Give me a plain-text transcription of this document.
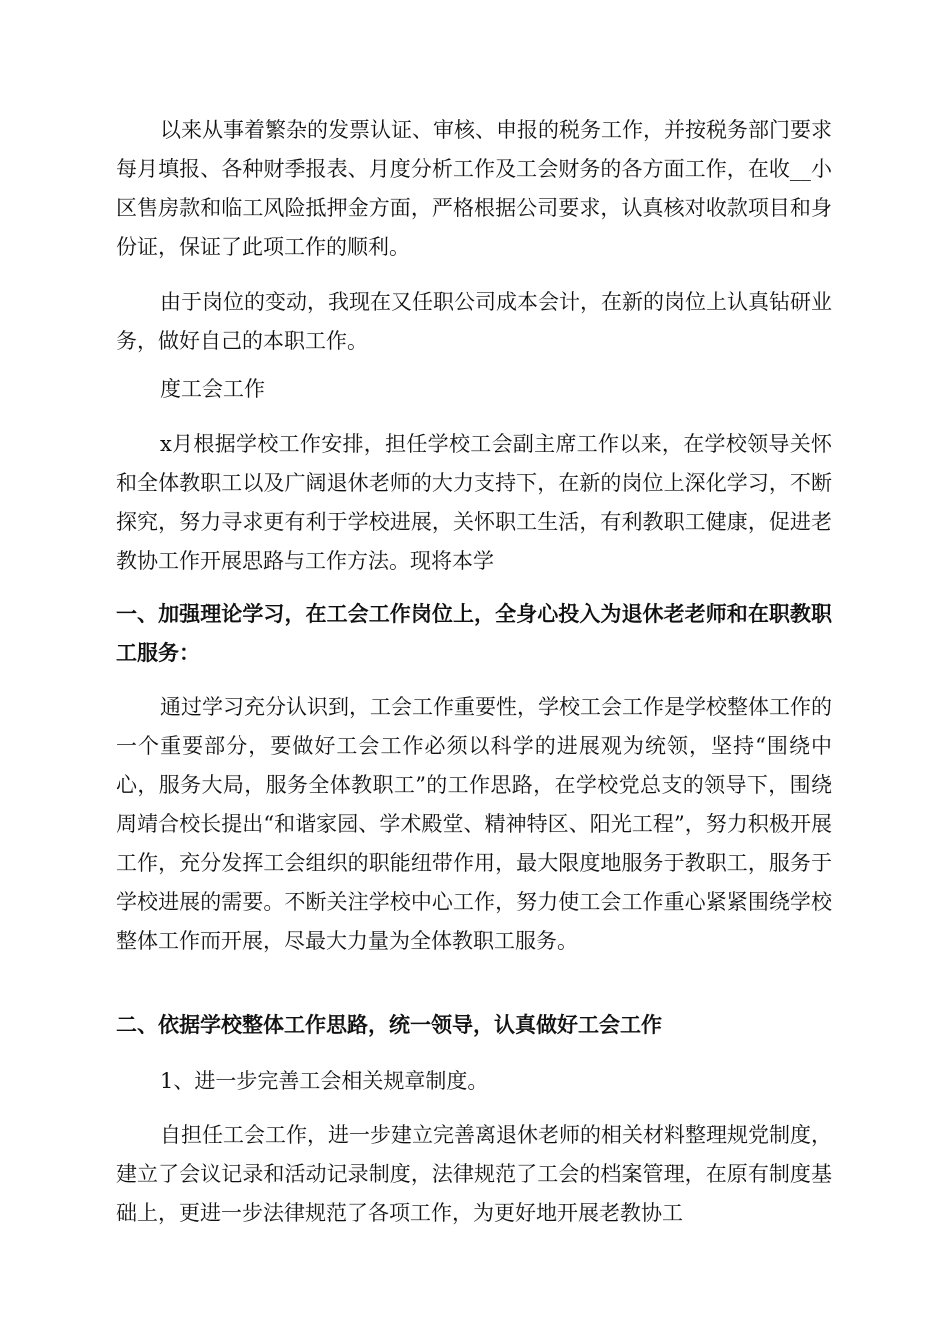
以来从事着繁杂的发票认证、审核、申报的税务工作，并按税务部门要求每月填报、各种财季报表、月度分析工作及工会财务的各方面工作，在收__小区售房款和临工风险抵押金方面，严格根据公司要求，认真核对收款项目和身份证，保证了此项工作的顺利。

由于岗位的变动，我现在又任职公司成本会计，在新的岗位上认真钻研业务，做好自己的本职工作。

度工会工作

x月根据学校工作安排，担任学校工会副主席工作以来，在学校领导关怀和全体教职工以及广阔退休老师的大力支持下，在新的岗位上深化学习，不断探究，努力寻求更有利于学校进展，关怀职工生活，有利教职工健康，促进老教协工作开展思路与工作方法。现将本学

一、加强理论学习，在工会工作岗位上，全身心投入为退休老老师和在职教职工服务：

通过学习充分认识到，工会工作重要性，学校工会工作是学校整体工作的一个重要部分，要做好工会工作必须以科学的进展观为统领，坚持“围绕中心，服务大局，服务全体教职工”的工作思路，在学校党总支的领导下，围绕周靖合校长提出“和谐家园、学术殿堂、精神特区、阳光工程”，努力积极开展工作，充分发挥工会组织的职能纽带作用，最大限度地服务于教职工，服务于学校进展的需要。不断关注学校中心工作，努力使工会工作重心紧紧围绕学校整体工作而开展，尽最大力量为全体教职工服务。

二、依据学校整体工作思路，统一领导，认真做好工会工作

1、进一步完善工会相关规章制度。

自担任工会工作，进一步建立完善离退休老师的相关材料整理规党制度，建立了会议记录和活动记录制度，法律规范了工会的档案管理，在原有制度基础上，更进一步法律规范了各项工作，为更好地开展老教协工
